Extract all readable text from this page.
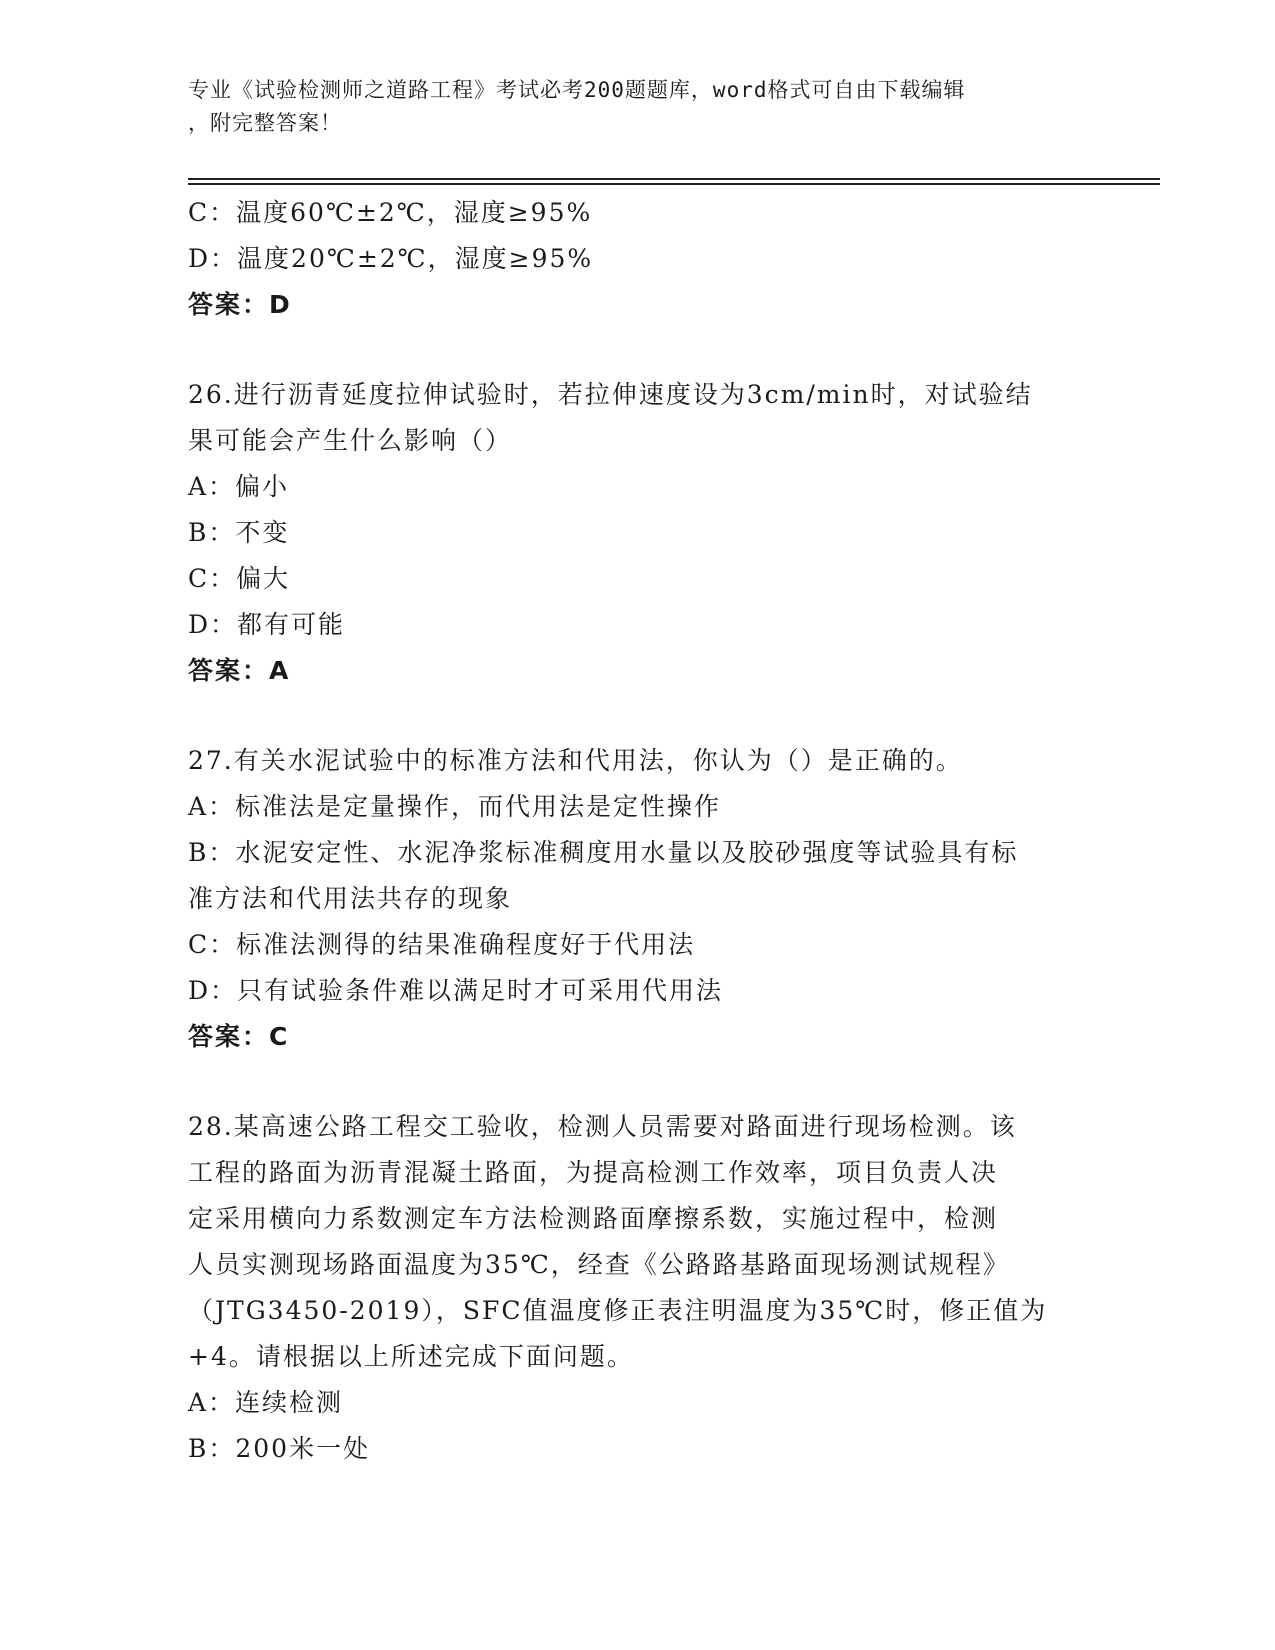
专业《试验检测师之道路工程》考试必考200题题库，word格式可自由下载编辑
，附完整答案！
C：温度60℃±2℃，湿度≥95%
D：温度20℃±2℃，湿度≥95%
答案：D
26.进行沥青延度拉伸试验时，若拉伸速度设为3cm/min时，对试验结
果可能会产生什么影响（）
A：偏小
B：不变
C：偏大
D：都有可能
答案：A
27.有关水泥试验中的标准方法和代用法，你认为（）是正确的。
A：标准法是定量操作，而代用法是定性操作
B：水泥安定性、水泥净浆标准稠度用水量以及胶砂强度等试验具有标
准方法和代用法共存的现象
C：标准法测得的结果准确程度好于代用法
D：只有试验条件难以满足时才可采用代用法
答案：C
28.某高速公路工程交工验收，检测人员需要对路面进行现场检测。该
工程的路面为沥青混凝土路面，为提高检测工作效率，项目负责人决
定采用横向力系数测定车方法检测路面摩擦系数，实施过程中，检测
人员实测现场路面温度为35℃，经查《公路路基路面现场测试规程》
（JTG3450-2019），SFC值温度修正表注明温度为35℃时，修正值为
+4。请根据以上所述完成下面问题。
A：连续检测
B：200米一处
